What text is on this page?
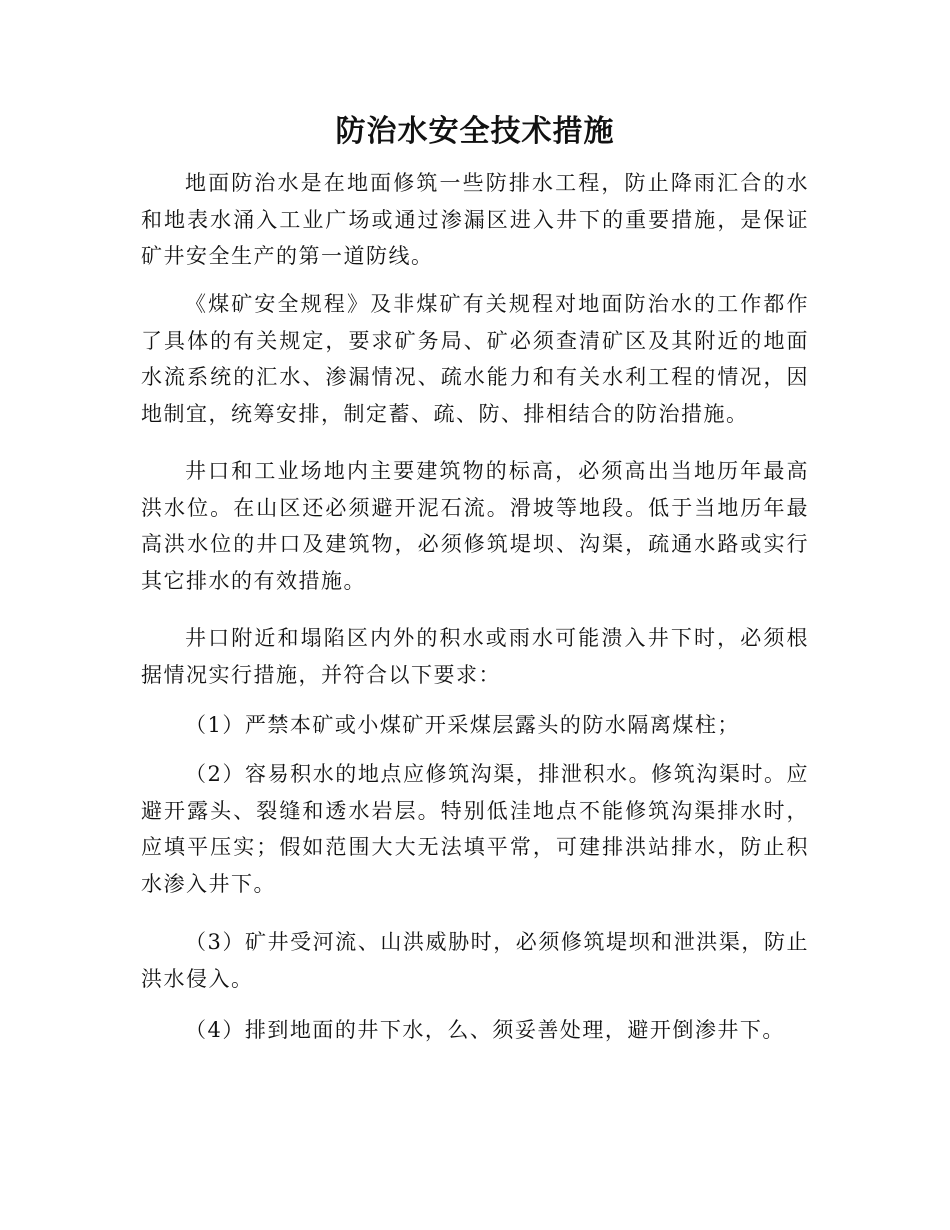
防治水安全技术措施

地面防治水是在地面修筑一些防排水工程，防止降雨汇合的水和地表水涌入工业广场或通过渗漏区进入井下的重要措施，是保证矿井安全生产的第一道防线。

《煤矿安全规程》及非煤矿有关规程对地面防治水的工作都作了具体的有关规定，要求矿务局、矿必须查清矿区及其附近的地面水流系统的汇水、渗漏情况、疏水能力和有关水利工程的情况，因地制宜，统筹安排，制定蓄、疏、防、排相结合的防治措施。

井口和工业场地内主要建筑物的标高，必须高出当地历年最高洪水位。在山区还必须避开泥石流。滑坡等地段。低于当地历年最高洪水位的井口及建筑物，必须修筑堤坝、沟渠，疏通水路或实行其它排水的有效措施。

井口附近和塌陷区内外的积水或雨水可能溃入井下时，必须根据情况实行措施，并符合以下要求：

（1）严禁本矿或小煤矿开采煤层露头的防水隔离煤柱；

（2）容易积水的地点应修筑沟渠，排泄积水。修筑沟渠时。应避开露头、裂缝和透水岩层。特别低洼地点不能修筑沟渠排水时，应填平压实；假如范围大大无法填平常，可建排洪站排水，防止积水渗入井下。

（3）矿井受河流、山洪威胁时，必须修筑堤坝和泄洪渠，防止洪水侵入。

（4）排到地面的井下水，么、须妥善处理，避开倒渗井下。
